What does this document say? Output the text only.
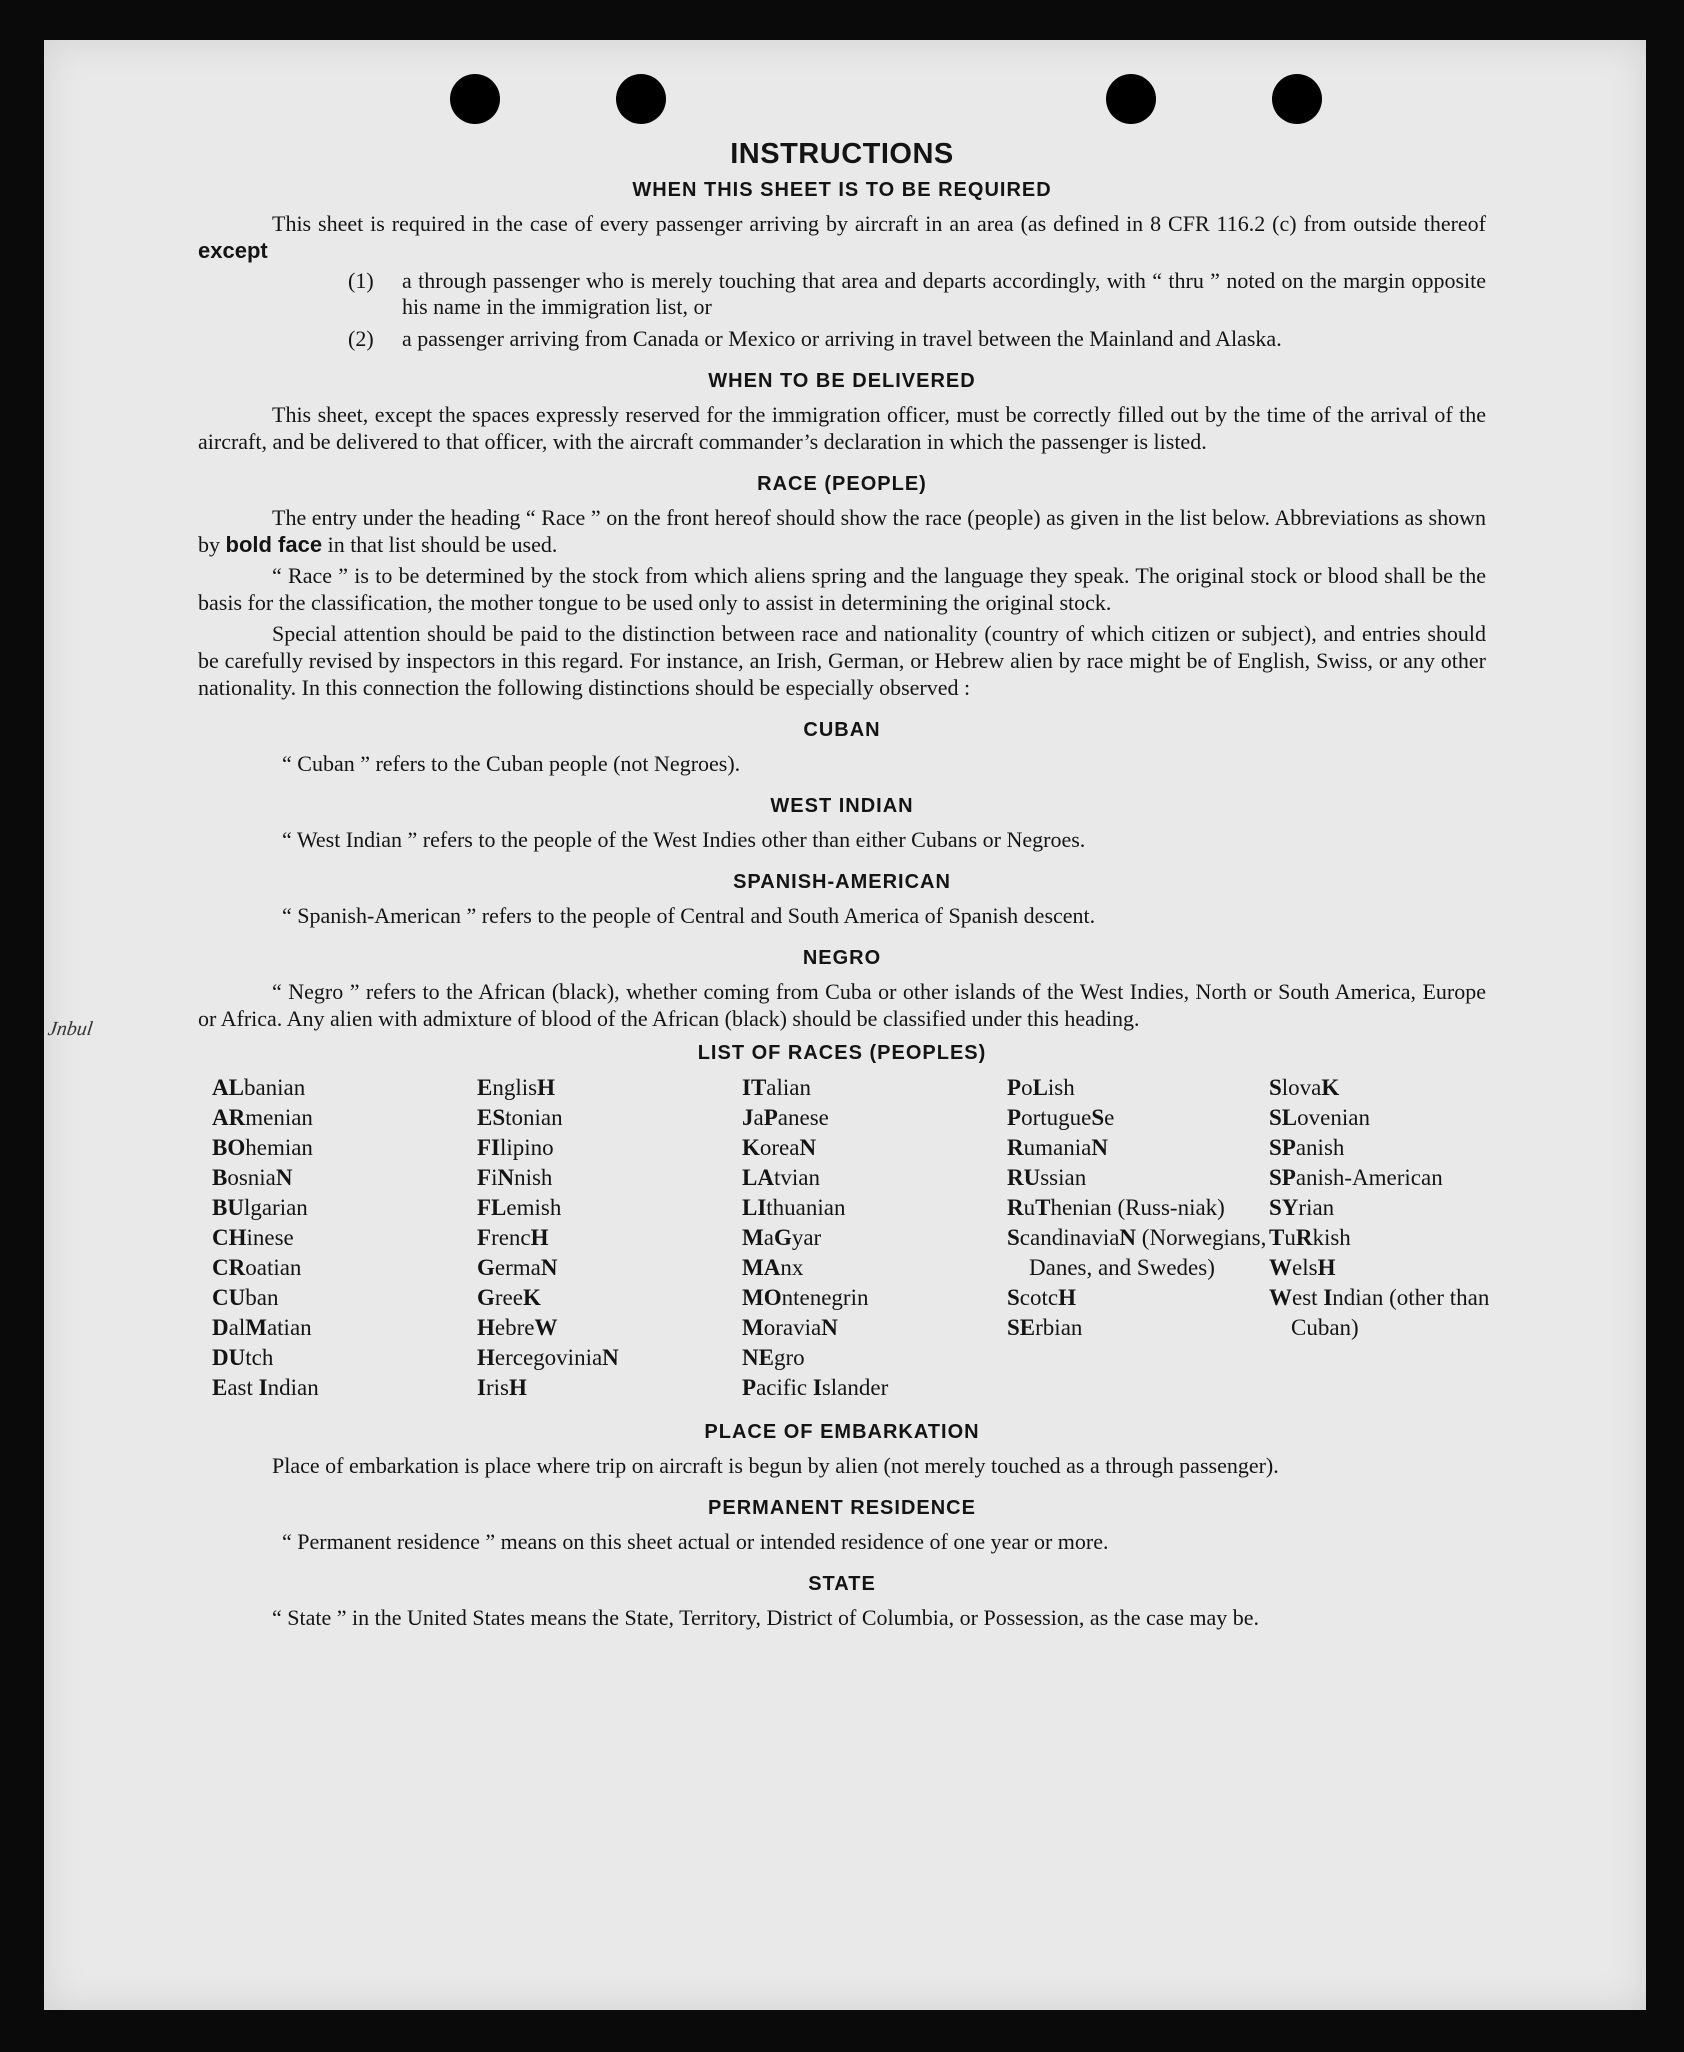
Jnbul
INSTRUCTIONS
WHEN THIS SHEET IS TO BE REQUIRED

This sheet is required in the case of every passenger arriving by aircraft in an area (as defined in 8 CFR 116.2 (c) from outside thereof except

(1)	a through passenger who is merely touching that area and departs accordingly, with “ thru ” noted on the margin opposite his name in the immigration list, or
(2)	a passenger arriving from Canada or Mexico or arriving in travel between the Mainland and Alaska.
WHEN TO BE DELIVERED

This sheet, except the spaces expressly reserved for the immigration officer, must be correctly filled out by the time of the arrival of the aircraft, and be delivered to that officer, with the aircraft commander’s declaration in which the passenger is listed.

RACE (PEOPLE)

The entry under the heading “ Race ” on the front hereof should show the race (people) as given in the list below. Abbreviations as shown by bold face in that list should be used.

“ Race ” is to be determined by the stock from which aliens spring and the language they speak. The original stock or blood shall be the basis for the classification, the mother tongue to be used only to assist in determining the original stock.

Special attention should be paid to the distinction between race and nationality (country of which citizen or subject), and entries should be carefully revised by inspectors in this regard. For instance, an Irish, German, or Hebrew alien by race might be of English, Swiss, or any other nationality. In this connection the following distinctions should be especially observed :

CUBAN

“ Cuban ” refers to the Cuban people (not Negroes).

WEST INDIAN

“ West Indian ” refers to the people of the West Indies other than either Cubans or Negroes.

SPANISH-AMERICAN

“ Spanish-American ” refers to the people of Central and South America of Spanish descent.

NEGRO

“ Negro ” refers to the African (black), whether coming from Cuba or other islands of the West Indies, North or South America, Europe or Africa. Any alien with admixture of blood of the African (black) should be classified under this heading.

LIST OF RACES (PEOPLES)
ALbanian
ARmenian
BOhemian
BosniaN
BUlgarian
CHinese
CRoatian
CUban
DalMatian
DUtch
East Indian
EnglisH
EStonian
FIlipino
FiNnish
FLemish
FrencH
GermaN
GreeK
HebreW
HercegoviniaN
IrisH
ITalian
JaPanese
KoreaN
LAtvian
LIthuanian
MaGyar
MAnx
MOntenegrin
MoraviaN
NEgro
Pacific Islander
PoLish
PortugueSe
RumaniaN
RUssian
RuThenian (Russ-niak)
ScandinaviaN (Norwegians, Danes, and Swedes)
ScotcH
SErbian
SlovaK
SLovenian
SPanish
SPanish-American
SYrian
TuRkish
WelsH
West Indian (other than Cuban)
PLACE OF EMBARKATION

Place of embarkation is place where trip on aircraft is begun by alien (not merely touched as a through passenger).

PERMANENT RESIDENCE

“ Permanent residence ” means on this sheet actual or intended residence of one year or more.

STATE

“ State ” in the United States means the State, Territory, District of Columbia, or Possession, as the case may be.
